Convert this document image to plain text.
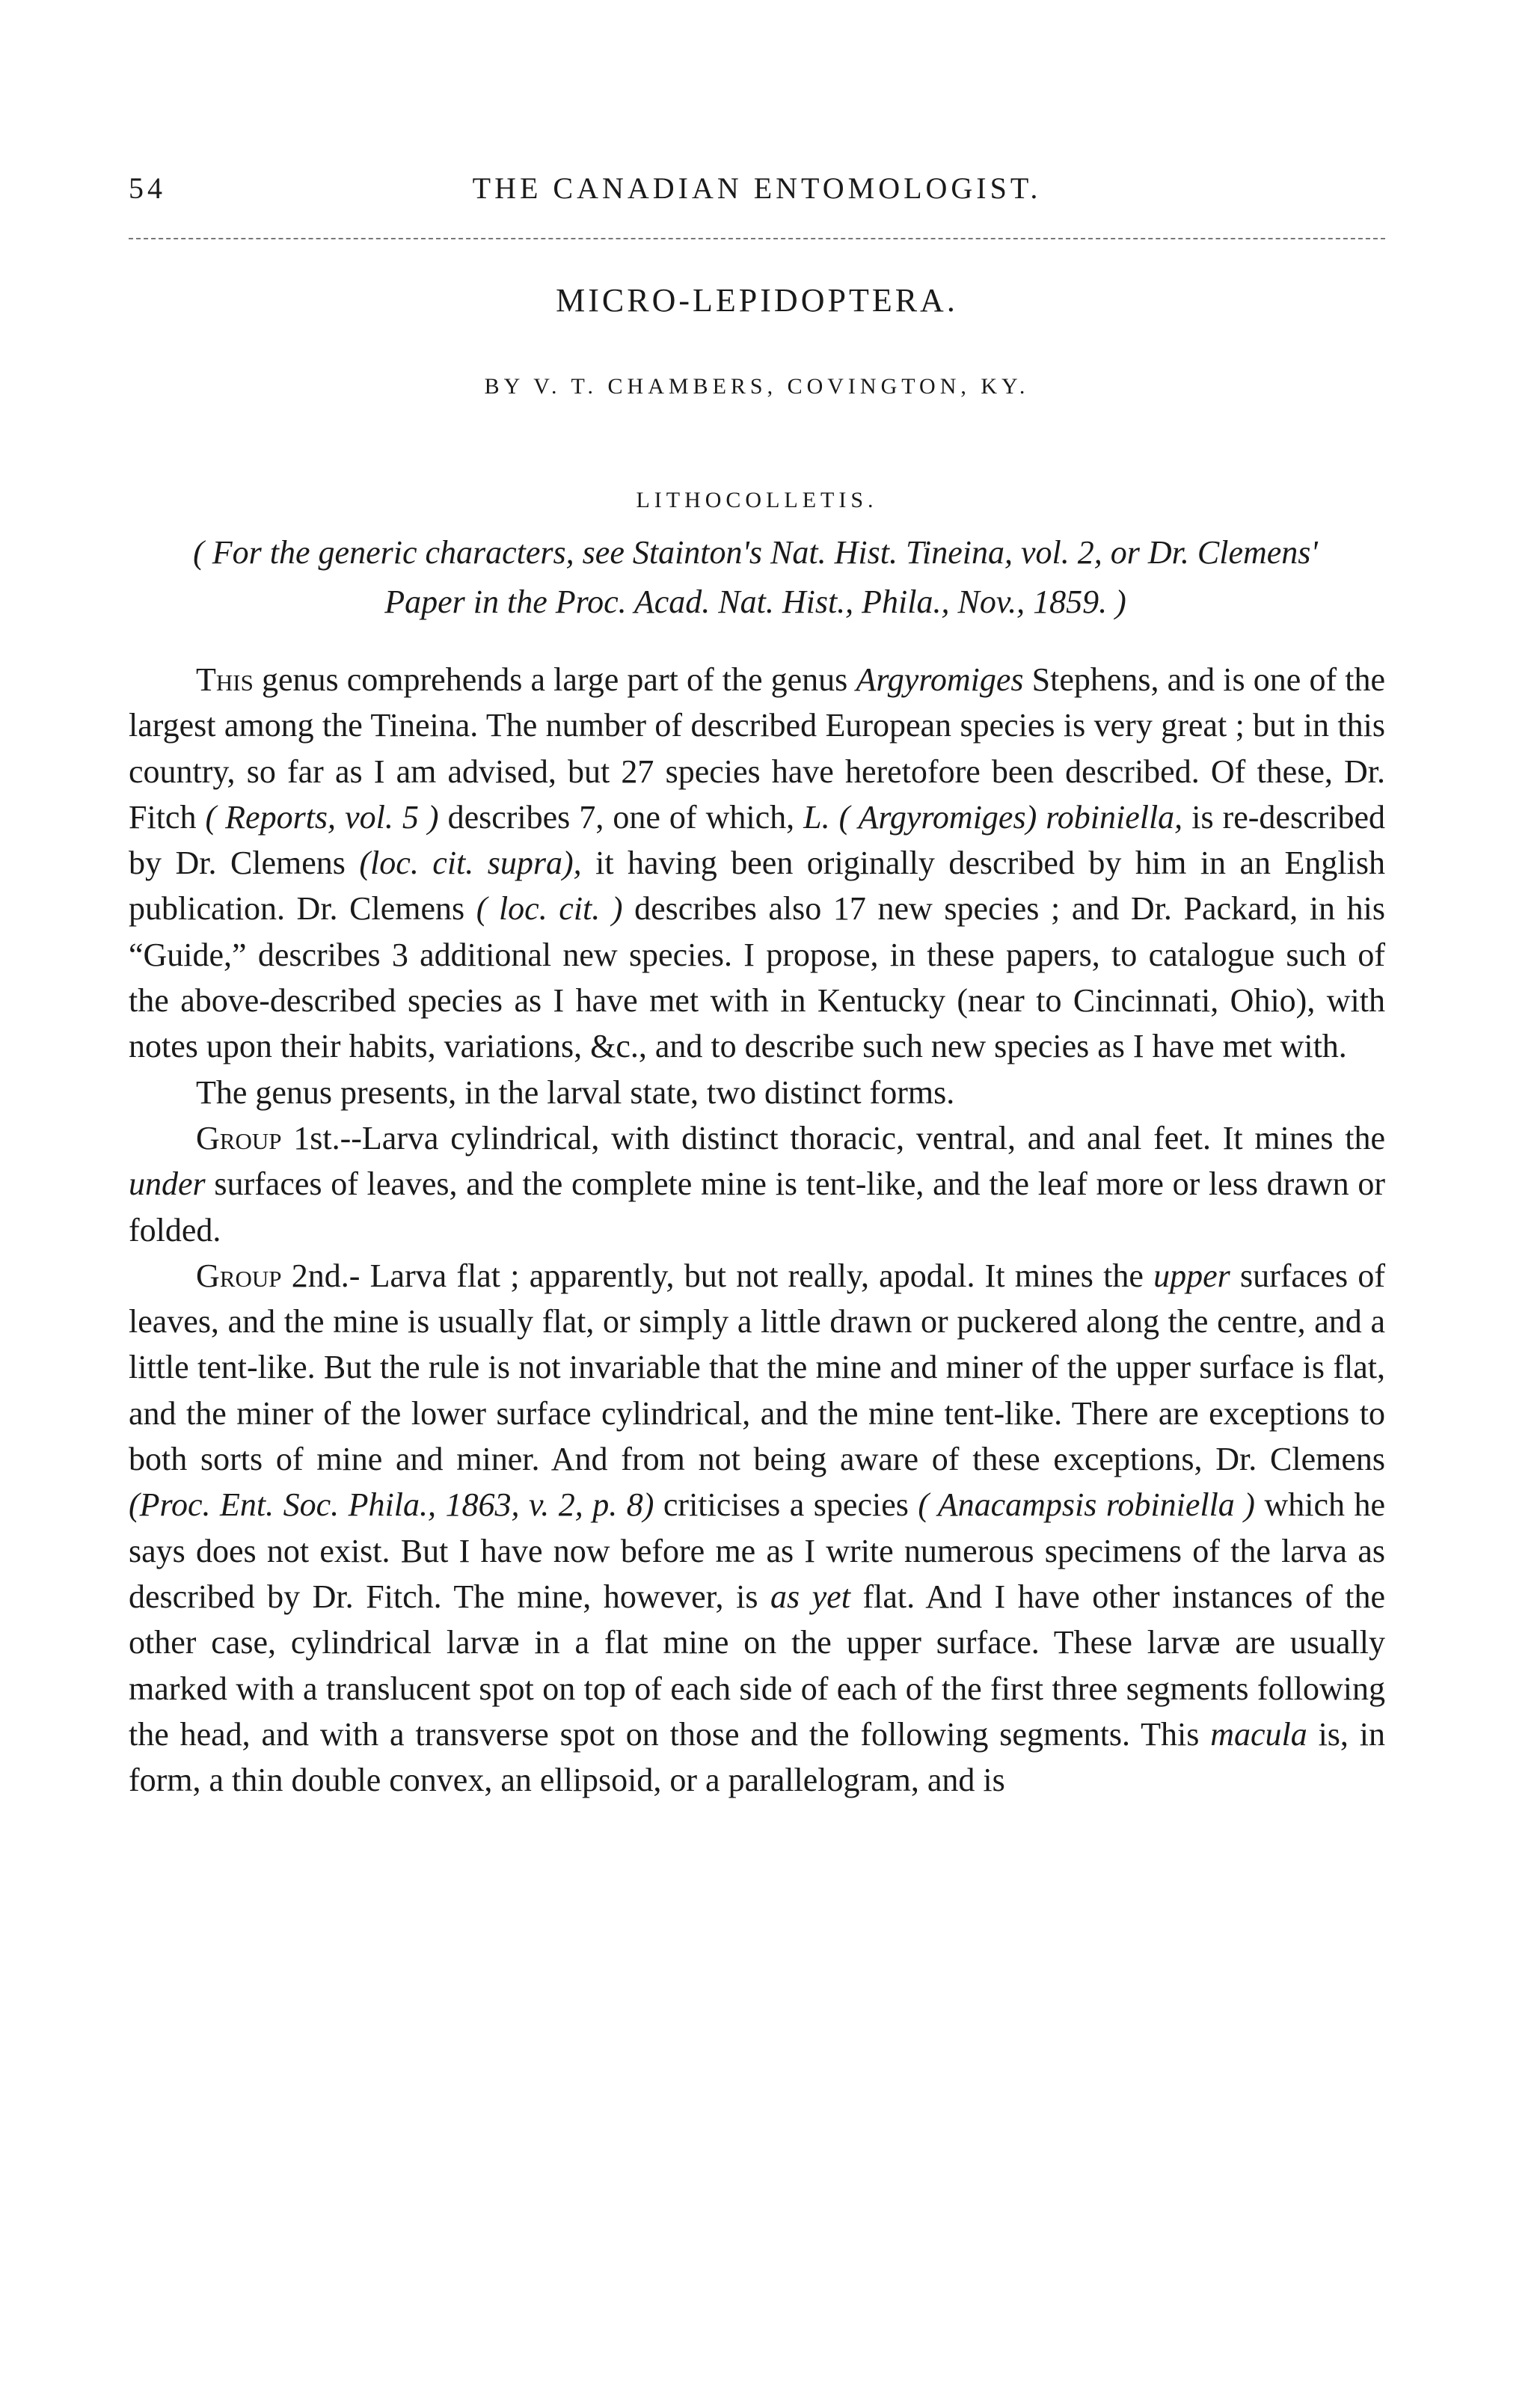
54	THE CANADIAN ENTOMOLOGIST.
MICRO-LEPIDOPTERA.
BY V. T. CHAMBERS, COVINGTON, KY.
LITHOCOLLETIS.
( For the generic characters, see Stainton's Nat. Hist. Tineina, vol. 2, or Dr. Clemens' Paper in the Proc. Acad. Nat. Hist., Phila., Nov., 1859. )

This genus comprehends a large part of the genus Argyromiges Stephens, and is one of the largest among the Tineina. The number of described European species is very great ; but in this country, so far as I am advised, but 27 species have heretofore been described. Of these, Dr. Fitch ( Reports, vol. 5 ) describes 7, one of which, L. ( Argyromiges) robiniella, is re-described by Dr. Clemens (loc. cit. supra), it having been originally described by him in an English publication. Dr. Clemens ( loc. cit. ) describes also 17 new species ; and Dr. Packard, in his “Guide,” describes 3 additional new species. I propose, in these papers, to catalogue such of the above-described species as I have met with in Kentucky (near to Cincinnati, Ohio), with notes upon their habits, variations, &c., and to describe such new species as I have met with.

The genus presents, in the larval state, two distinct forms.

Group 1st.--Larva cylindrical, with distinct thoracic, ventral, and anal feet. It mines the under surfaces of leaves, and the complete mine is tent-like, and the leaf more or less drawn or folded.

Group 2nd.- Larva flat ; apparently, but not really, apodal. It mines the upper surfaces of leaves, and the mine is usually flat, or simply a little drawn or puckered along the centre, and a little tent-like. But the rule is not invariable that the mine and miner of the upper surface is flat, and the miner of the lower surface cylindrical, and the mine tent-like. There are exceptions to both sorts of mine and miner. And from not being aware of these exceptions, Dr. Clemens (Proc. Ent. Soc. Phila., 1863, v. 2, p. 8) criticises a species ( Anacampsis robiniella ) which he says does not exist. But I have now before me as I write numerous specimens of the larva as described by Dr. Fitch. The mine, however, is as yet flat. And I have other instances of the other case, cylindrical larvæ in a flat mine on the upper surface. These larvæ are usually marked with a translucent spot on top of each side of each of the first three segments following the head, and with a transverse spot on those and the following segments. This macula is, in form, a thin double convex, an ellipsoid, or a parallelogram, and is
